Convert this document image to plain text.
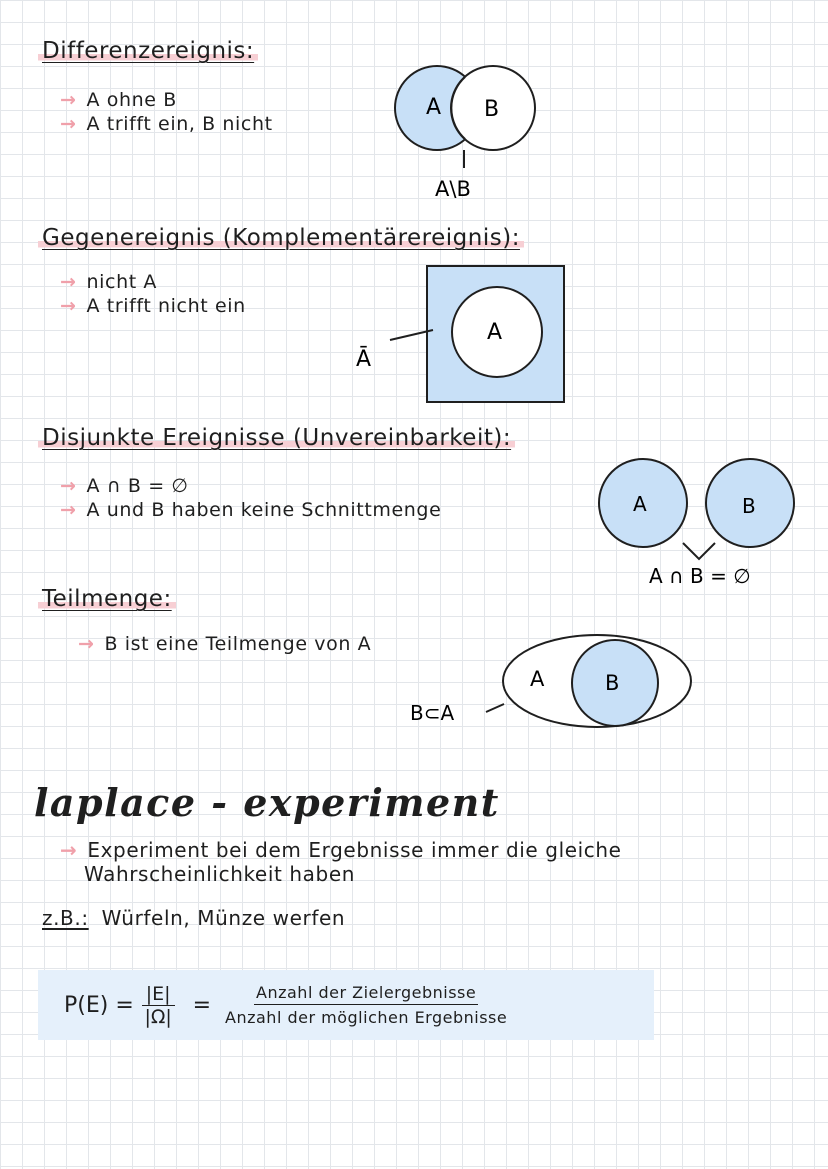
Differenzereignis:
→ A ohne B
→ A trifft ein, B nicht
A B
A\B
Gegenereignis (Komplementärereignis):
→ nicht A
→ A trifft nicht ein
A
Ā
Disjunkte Ereignisse (Unvereinbarkeit):
→ A ∩ B = ∅
→ A und B haben keine Schnittmenge	A	B
A ∩ B = ∅
Teilmenge:
→ B ist eine Teilmenge von A
A	B
B⊂A
laplace - experiment
→ Experiment bei dem Ergebnisse immer die gleiche
Wahrscheinlichkeit haben
z.B.: Würfeln, Münze werfen
$P(E) = \frac{|E|}{|\Omega|} = \frac{\text{Anzahl der Zielergebnisse}}{\text{Anzahl der möglichen Ergebnisse}}$
